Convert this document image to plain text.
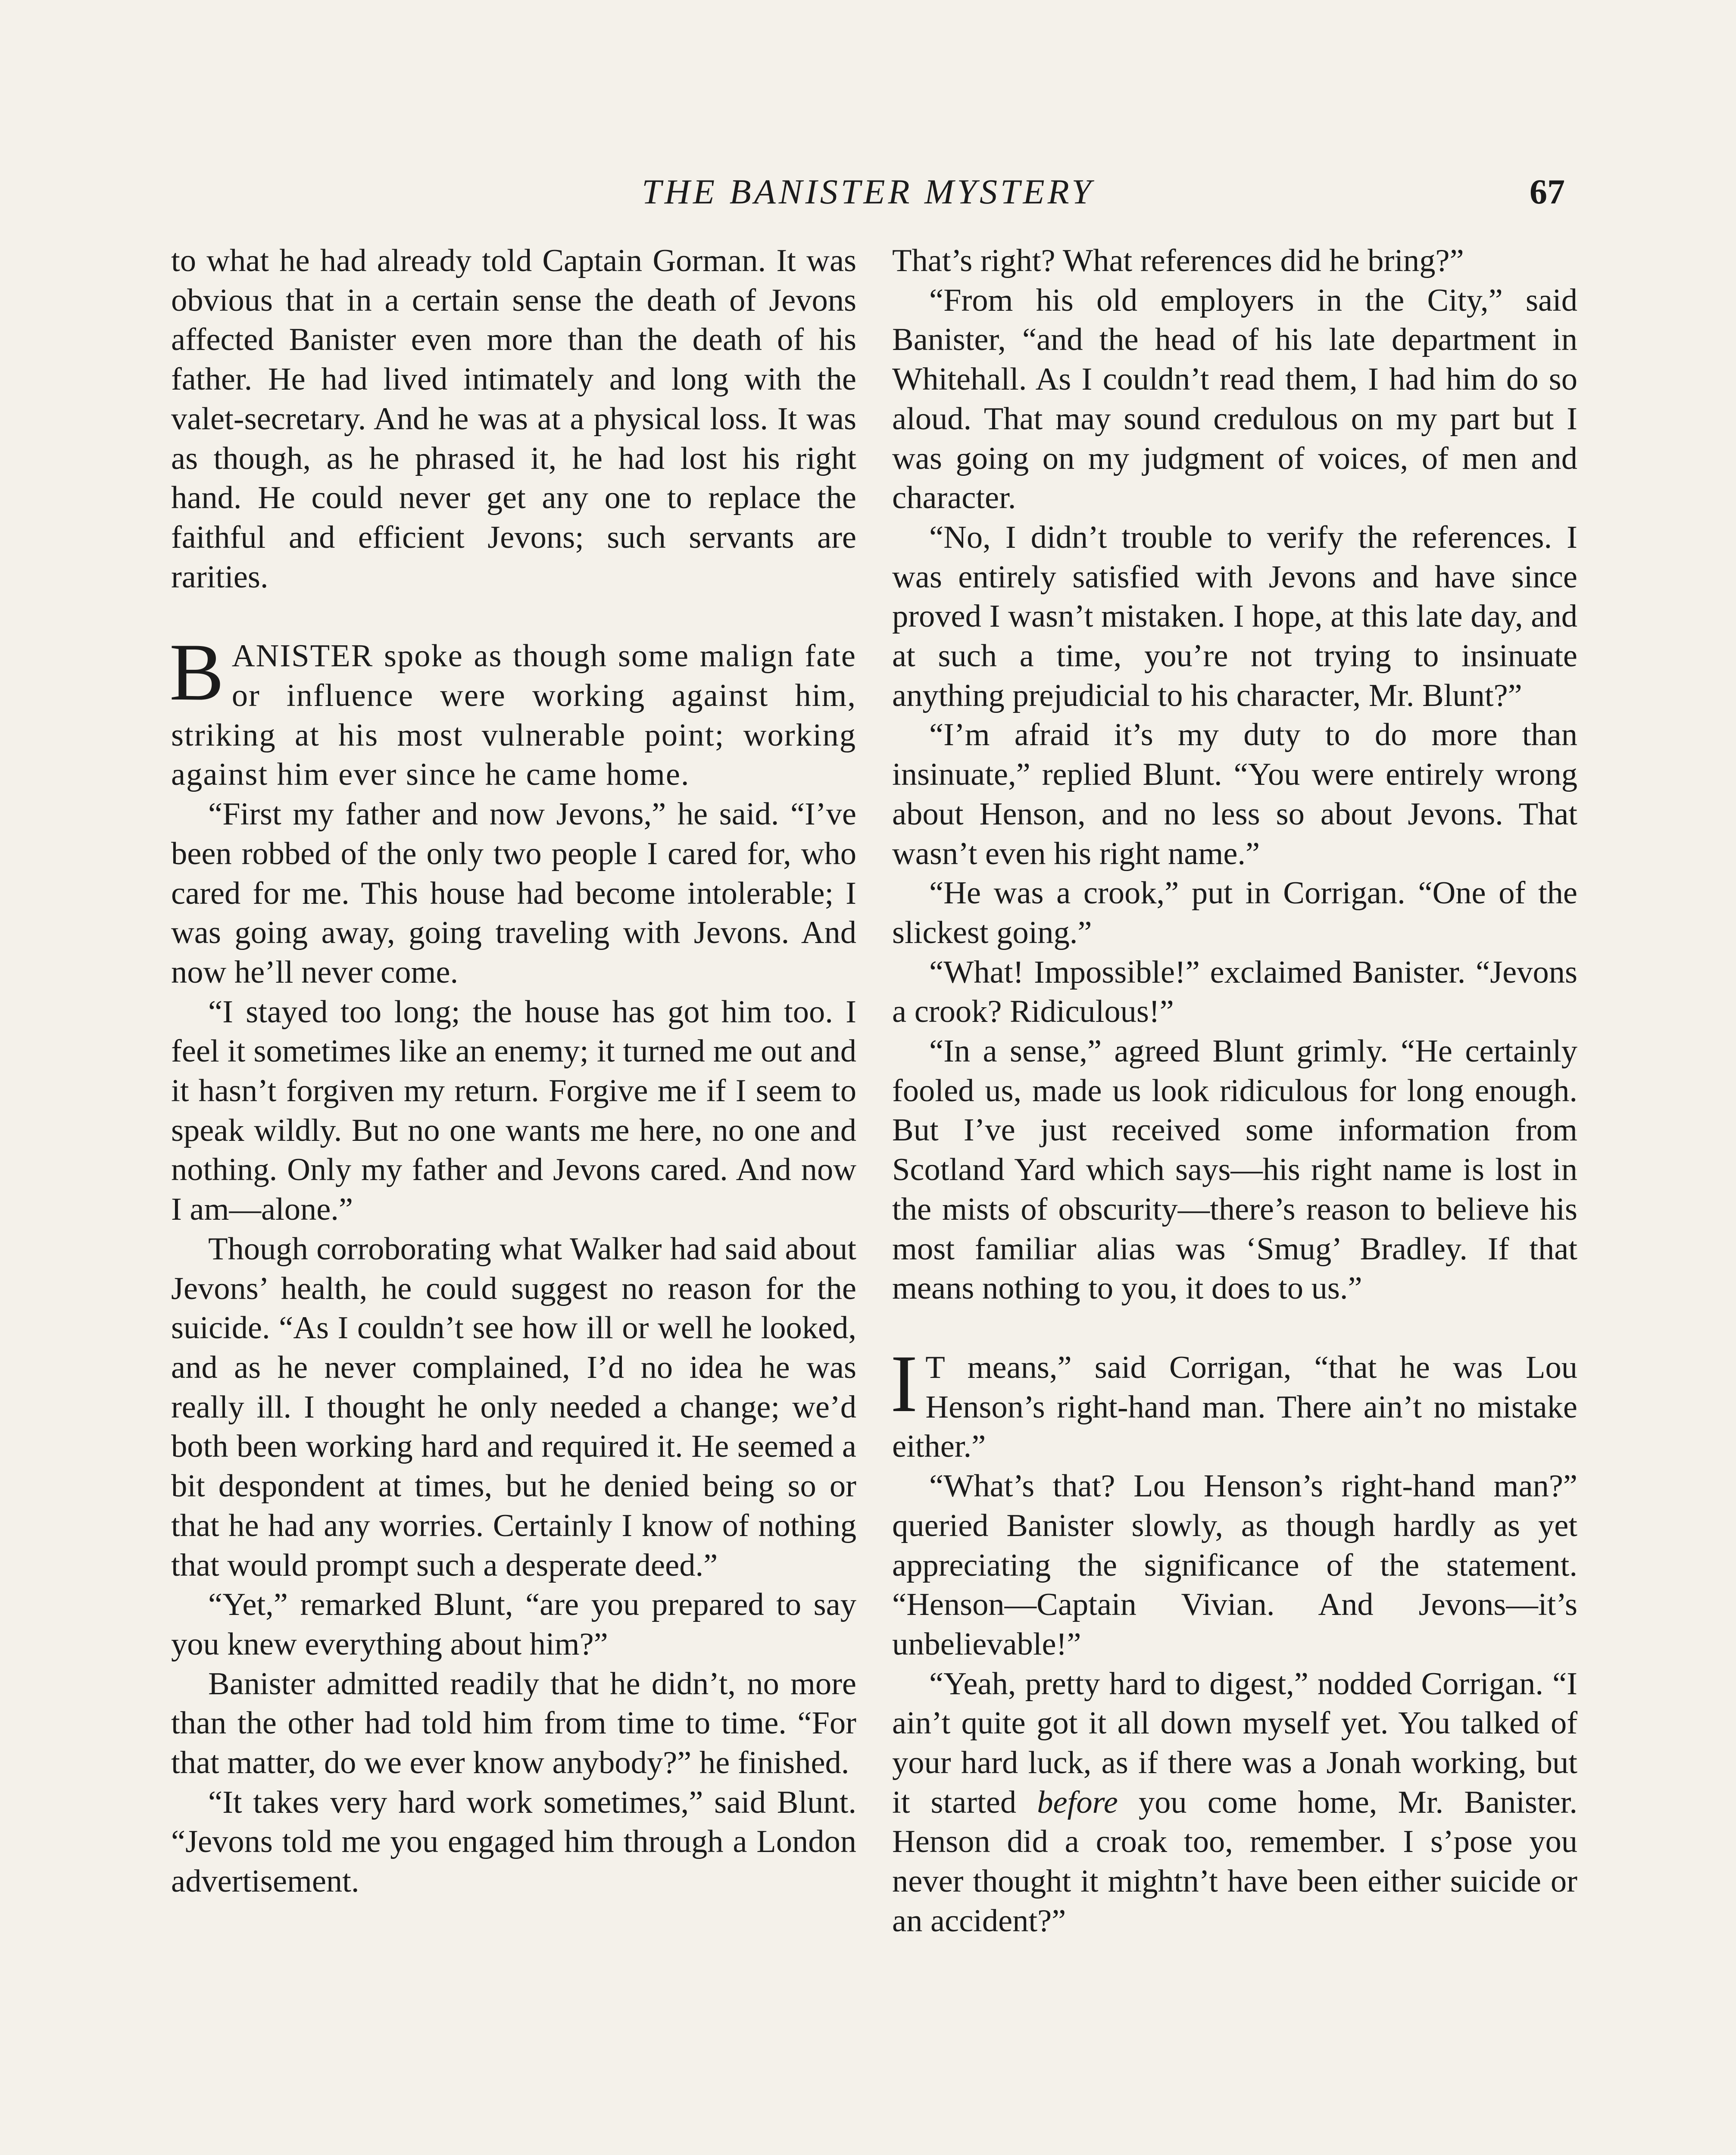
THE BANISTER MYSTERY	67

to what he had already told Captain Gorman. It was obvious that in a certain sense the death of Jevons affected Banister even more than the death of his father. He had lived intimately and long with the valet-secretary. And he was at a physical loss. It was as though, as he phrased it, he had lost his right hand. He could never get any one to replace the faithful and efficient Jevons; such servants are rarities.

BANISTER spoke as though some malign fate or influence were working against him, striking at his most vulnerable point; working against him ever since he came home.

“First my father and now Jevons,” he said. “I’ve been robbed of the only two people I cared for, who cared for me. This house had become intolerable; I was going away, going traveling with Jevons. And now he’ll never come.

“I stayed too long; the house has got him too. I feel it sometimes like an enemy; it turned me out and it hasn’t forgiven my return. Forgive me if I seem to speak wildly. But no one wants me here, no one and nothing. Only my father and Jevons cared. And now I am—alone.”

Though corroborating what Walker had said about Jevons’ health, he could suggest no reason for the suicide. “As I couldn’t see how ill or well he looked, and as he never complained, I’d no idea he was really ill. I thought he only needed a change; we’d both been working hard and required it. He seemed a bit despondent at times, but he denied being so or that he had any worries. Certainly I know of nothing that would prompt such a desperate deed.”

“Yet,” remarked Blunt, “are you prepared to say you knew everything about him?”

Banister admitted readily that he didn’t, no more than the other had told him from time to time. “For that matter, do we ever know anybody?” he finished.

“It takes very hard work sometimes,” said Blunt. “Jevons told me you engaged him through a London advertisement.

That’s right? What references did he bring?”

“From his old employers in the City,” said Banister, “and the head of his late department in Whitehall. As I couldn’t read them, I had him do so aloud. That may sound credulous on my part but I was going on my judgment of voices, of men and character.

“No, I didn’t trouble to verify the references. I was entirely satisfied with Jevons and have since proved I wasn’t mistaken. I hope, at this late day, and at such a time, you’re not trying to insinuate anything prejudicial to his character, Mr. Blunt?”

“I’m afraid it’s my duty to do more than insinuate,” replied Blunt. “You were entirely wrong about Henson, and no less so about Jevons. That wasn’t even his right name.”

“He was a crook,” put in Corrigan. “One of the slickest going.”

“What! Impossible!” exclaimed Banister. “Jevons a crook? Ridiculous!”

“In a sense,” agreed Blunt grimly. “He certainly fooled us, made us look ridiculous for long enough. But I’ve just received some information from Scotland Yard which says—his right name is lost in the mists of obscurity—there’s reason to believe his most familiar alias was ‘Smug’ Bradley. If that means nothing to you, it does to us.”

I T means,” said Corrigan, “that he was Lou Henson’s right-hand man. There ain’t no mistake either.”

“What’s that? Lou Henson’s right-hand man?” queried Banister slowly, as though hardly as yet appreciating the significance of the statement. “Henson—Captain Vivian. And Jevons—it’s unbelievable!”

“Yeah, pretty hard to digest,” nodded Corrigan. “I ain’t quite got it all down myself yet. You talked of your hard luck, as if there was a Jonah working, but it started before you come home, Mr. Banister. Henson did a croak too, remember. I s’pose you never thought it mightn’t have been either suicide or an accident?”
